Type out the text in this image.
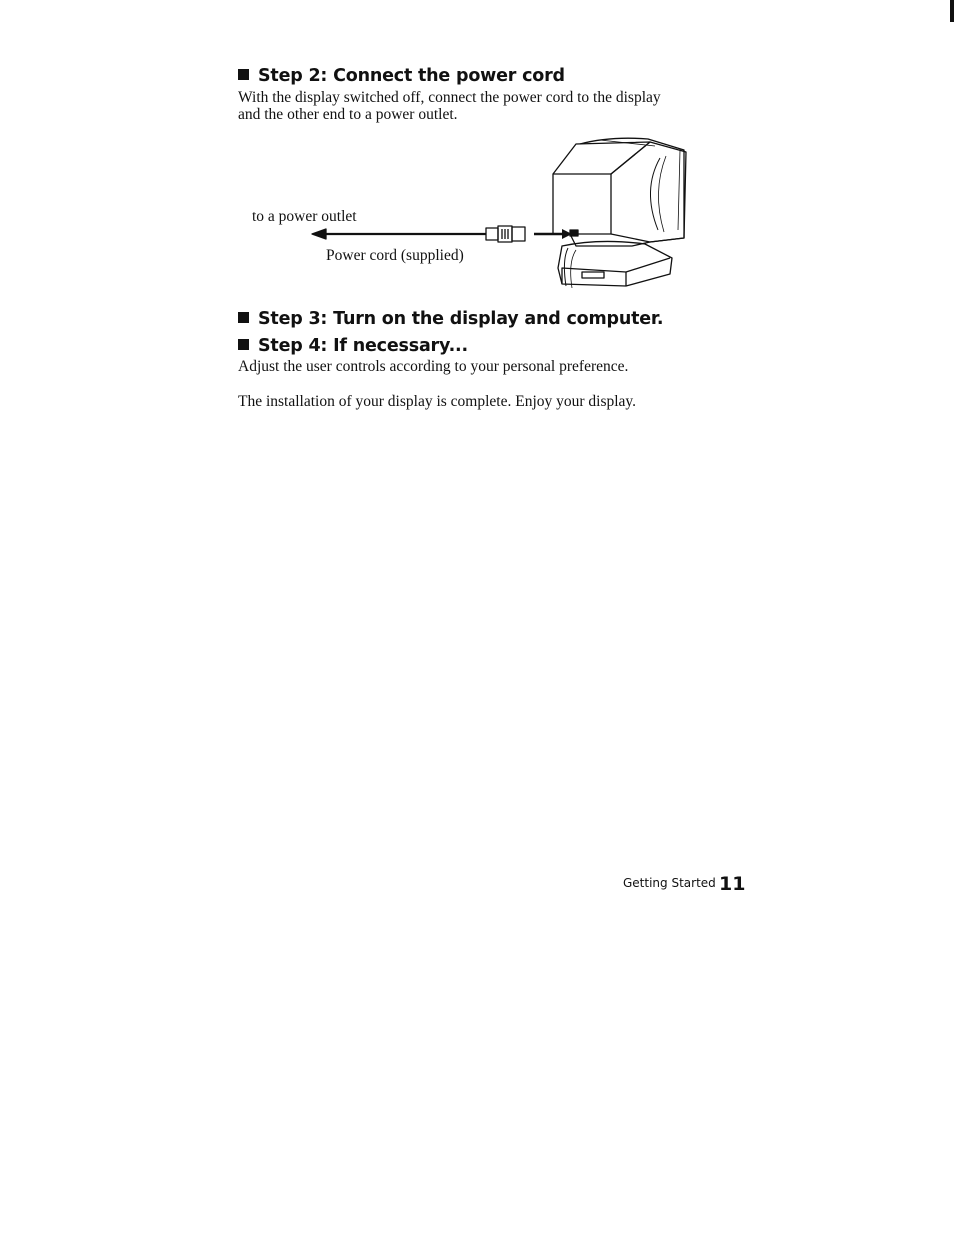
Step 2: Connect the power cord
With the display switched off, connect the power cord to the display
and the other end to a power outlet.
to a power outlet
Power cord (supplied)
Step 3: Turn on the display and computer.
Step 4: If necessary...
Adjust the user controls according to your personal preference.
The installation of your display is complete. Enjoy your display.
Getting Started 11
